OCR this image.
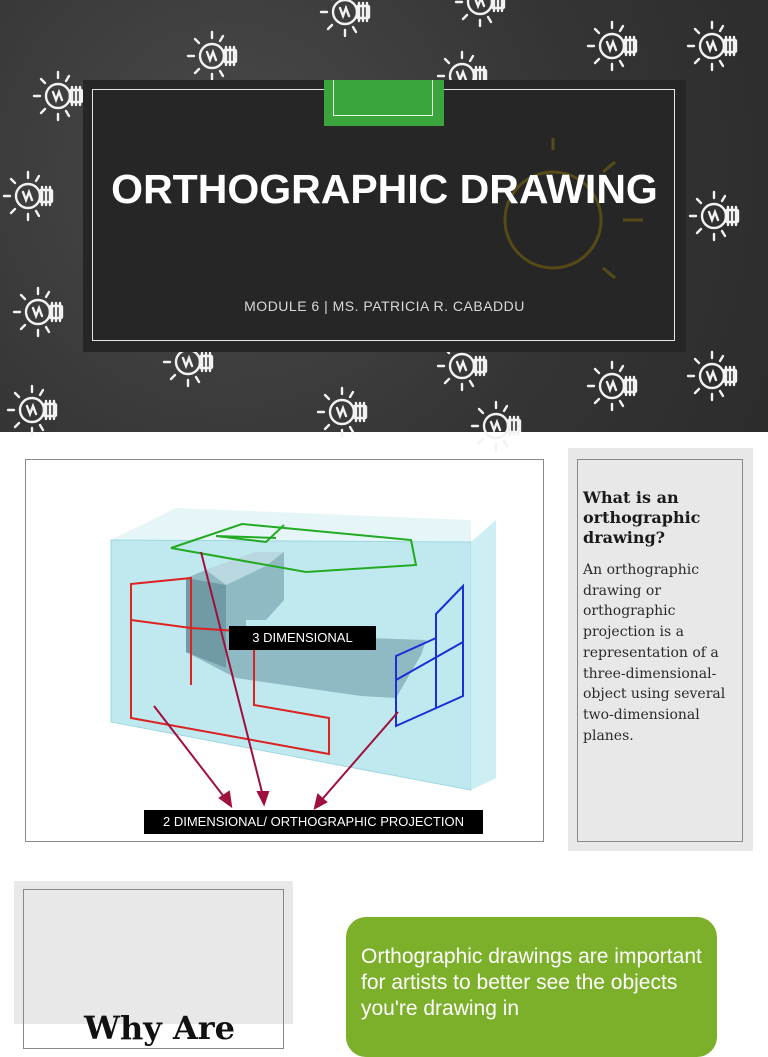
ORTHOGRAPHIC DRAWING
MODULE 6 | MS. PATRICIA R. CABADDU
3 DIMENSIONAL
2 DIMENSIONAL/ ORTHOGRAPHIC PROJECTION
What is an orthographic drawing?
An orthographic drawing or orthographic projection is a representation of a three-dimensional-object using several two-dimensional planes.
Why Are
Orthographic drawings are important for artists to better see the objects you're drawing in
